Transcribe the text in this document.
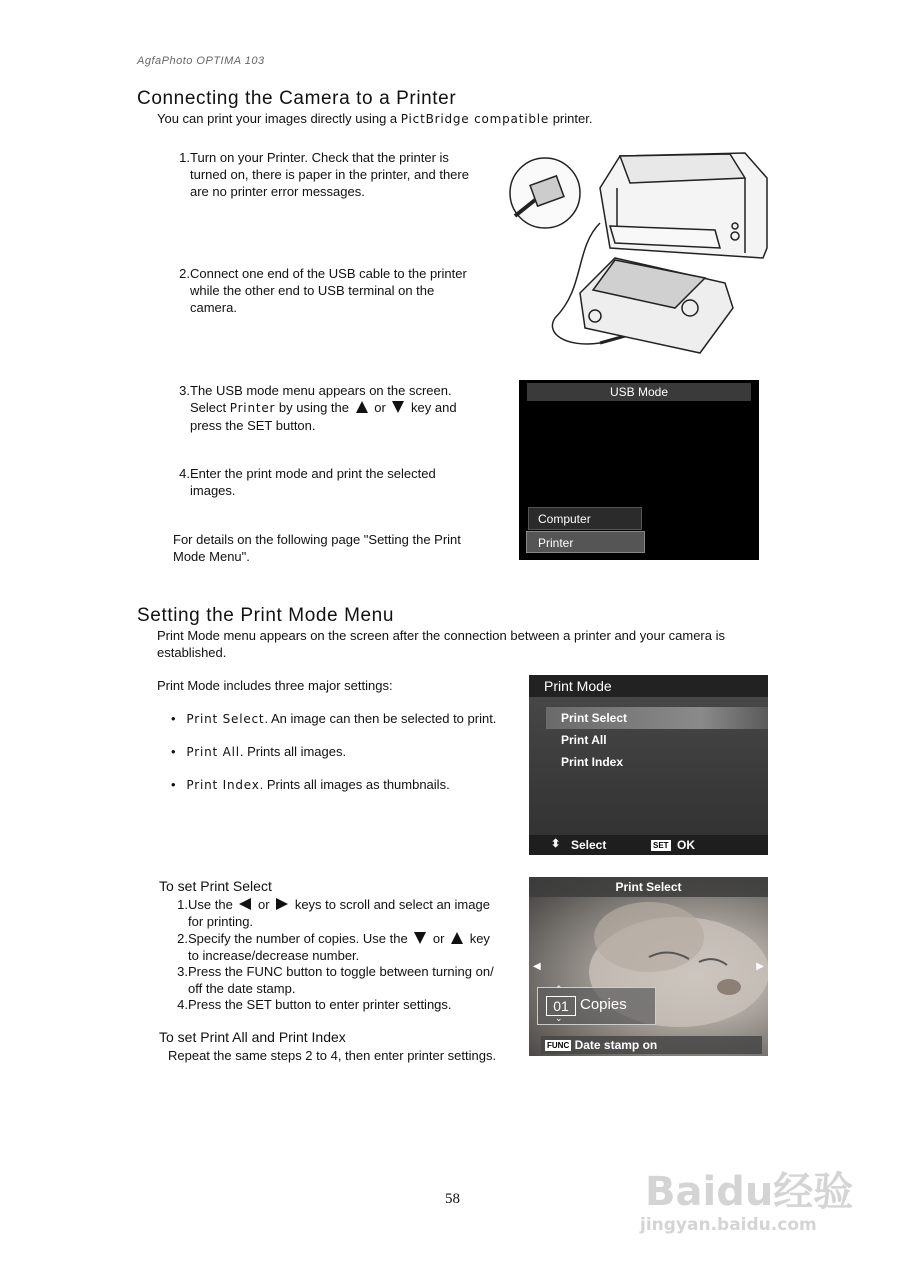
AgfaPhoto OPTIMA 103
Connecting the Camera to a Printer
You can print your images directly using a PictBridge compatible printer.
1. Turn on your Printer. Check that the printer is
turned on, there is paper in the printer, and there
are no printer error messages.
2. Connect one end of the USB cable to the printer
while the other end to USB terminal on the
camera.
3. The USB mode menu appears on the screen.
Select Printer by using the  or  key and
press the SET button.
4. Enter the print mode and print the selected
images.
For details on the following page "Setting the Print
Mode Menu".
USB Mode
Computer
Printer
Setting the Print Mode Menu
Print Mode menu appears on the screen after the connection between a printer and your camera is
established.
Print Mode includes three major settings:
•   Print Select. An image can then be selected to print.
•   Print All. Prints all images.
•   Print Index. Prints all images as thumbnails.
Print Mode
Print Select
Print All
Print Index
⬍ Select	SET OK
To set Print Select
1. Use the  or  keys to scroll and select an image
for printing.
2. Specify the number of copies. Use the  or  key
to increase/decrease number.
3. Press the FUNC button to toggle between turning on/
off the date stamp.
4. Press the SET button to enter printer settings.
To set Print All and Print Index
Repeat the same steps 2 to 4, then enter printer settings.
Print Select
◀	▶
⌃
01
⌄
Copies
FUNC Date stamp on
58	Baidu经验
jingyan.baidu.com
